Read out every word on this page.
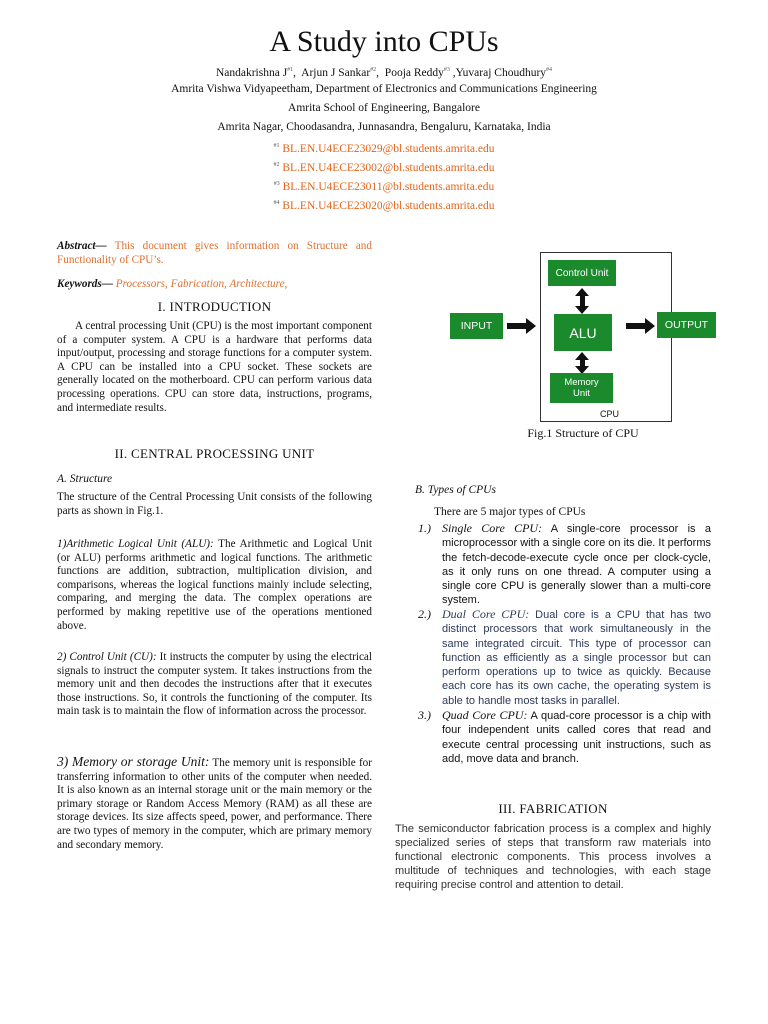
A Study into CPUs
Nandakrishna $J^{\#1}$,  Arjun J Sankar$^{\#2}$,  Pooja Reddy$^{\#3}$ ,Yuvaraj Choudhury$^{\#4}$
Amrita Vishwa Vidyapeetham, Department of Electronics and Communications Engineering
Amrita School of Engineering, Bangalore
Amrita Nagar, Choodasandra, Junnasandra, Bengaluru, Karnataka, India
$^{\#1}$ BL.EN.U4ECE23029@bl.students.amrita.edu
$^{\#2}$ BL.EN.U4ECE23002@bl.students.amrita.edu
$^{\#3}$ BL.EN.U4ECE23011@bl.students.amrita.edu
$^{\#4}$ BL.EN.U4ECE23020@bl.students.amrita.edu
Abstract— This document gives information on Structure and Functionality of CPU’s.
Keywords— Processors, Fabrication, Architecture,
I. INTRODUCTION
A central processing Unit (CPU) is the most important component of a computer system. A CPU is a hardware that performs data input/output, processing and storage functions for a computer system. A CPU can be installed into a CPU socket. These sockets are generally located on the motherboard. CPU can perform various data processing operations. CPU can store data, instructions, programs, and intermediate results.
II. CENTRAL PROCESSING UNIT
A. Structure
The structure of the Central Processing Unit consists of the following parts as shown in Fig.1.
1)Arithmetic Logical Unit (ALU): The Arithmetic and Logical Unit (or ALU) performs arithmetic and logical functions. The arithmetic functions are addition, subtraction, multiplication division, and comparisons, whereas the logical functions mainly include selecting, comparing, and merging the data. The complex operations are performed by making repetitive use of the operations mentioned above.
2) Control Unit (CU): It instructs the computer by using the electrical signals to instruct the computer system. It takes instructions from the memory unit and then decodes the instructions after that it executes those instructions. So, it controls the functioning of the computer. Its main task is to maintain the flow of information across the processor.
3) Memory or storage Unit: The memory unit is responsible for transferring information to other units of the computer when needed. It is also known as an internal storage unit or the main memory or the primary storage or Random Access Memory (RAM) as all these are storage devices. Its size affects speed, power, and performance. There are two types of memory in the computer, which are primary memory and secondary memory.
Control Unit
ALU
Memory
Unit
CPU
INPUT	OUTPUT
Fig.1 Structure of CPU
B. Types of CPUs
There are 5 major types of CPUs
1.) Single Core CPU: A single-core processor is a microprocessor with a single core on its die. It performs the fetch-decode-execute cycle once per clock-cycle, as it only runs on one thread. A computer using a single core CPU is generally slower than a multi-core system.
2.) Dual Core CPU: Dual core is a CPU that has two distinct processors that work simultaneously in the same integrated circuit. This type of processor can function as efficiently as a single processor but can perform operations up to twice as quickly. Because each core has its own cache, the operating system is able to handle most tasks in parallel.
3.) Quad Core CPU: A quad-core processor is a chip with four independent units called cores that read and execute central processing unit instructions, such as add, move data and branch.
III. FABRICATION
The semiconductor fabrication process is a complex and highly specialized series of steps that transform raw materials into functional electronic components. This process involves a multitude of techniques and technologies, with each stage requiring precise control and attention to detail.
